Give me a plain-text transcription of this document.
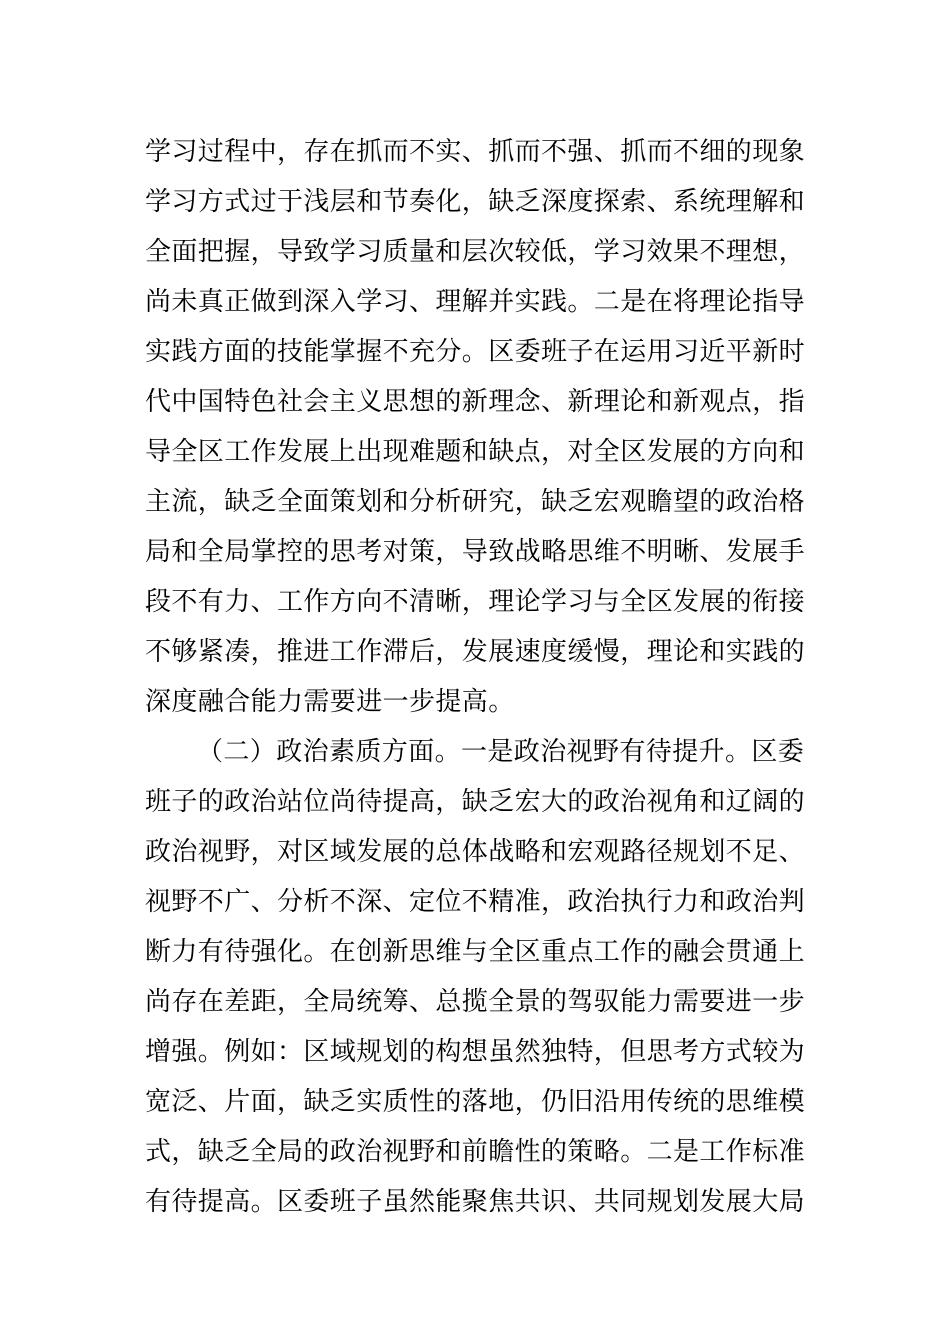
学习过程中，存在抓而不实、抓而不强、抓而不细的现象
学习方式过于浅层和节奏化，缺乏深度探索、系统理解和
全面把握，导致学习质量和层次较低，学习效果不理想，
尚未真正做到深入学习、理解并实践。二是在将理论指导
实践方面的技能掌握不充分。区委班子在运用习近平新时
代中国特色社会主义思想的新理念、新理论和新观点，指
导全区工作发展上出现难题和缺点，对全区发展的方向和
主流，缺乏全面策划和分析研究，缺乏宏观瞻望的政治格
局和全局掌控的思考对策，导致战略思维不明晰、发展手
段不有力、工作方向不清晰，理论学习与全区发展的衔接
不够紧凑，推进工作滞后，发展速度缓慢，理论和实践的
深度融合能力需要进一步提高。
（二）政治素质方面。一是政治视野有待提升。区委
班子的政治站位尚待提高，缺乏宏大的政治视角和辽阔的
政治视野，对区域发展的总体战略和宏观路径规划不足、
视野不广、分析不深、定位不精准，政治执行力和政治判
断力有待强化。在创新思维与全区重点工作的融会贯通上
尚存在差距，全局统筹、总揽全景的驾驭能力需要进一步
增强。例如：区域规划的构想虽然独特，但思考方式较为
宽泛、片面，缺乏实质性的落地，仍旧沿用传统的思维模
式，缺乏全局的政治视野和前瞻性的策略。二是工作标准
有待提高。区委班子虽然能聚焦共识、共同规划发展大局
